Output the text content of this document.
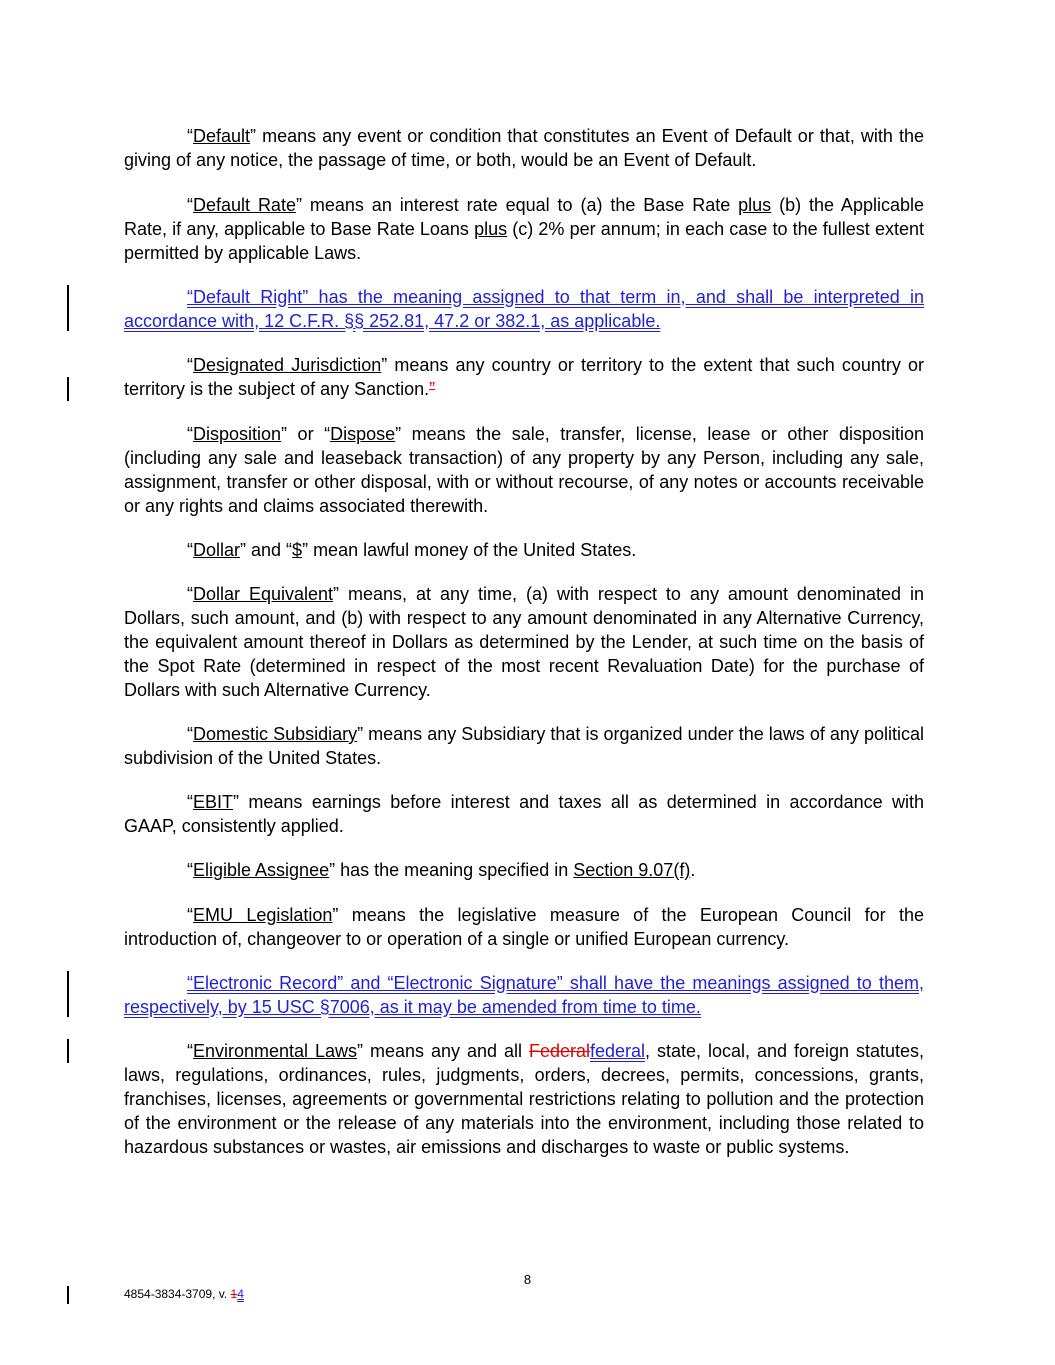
“Default” means any event or condition that constitutes an Event of Default or that, with the giving of any notice, the passage of time, or both, would be an Event of Default.

“Default Rate” means an interest rate equal to (a) the Base Rate plus (b) the Applicable Rate, if any, applicable to Base Rate Loans plus (c) 2% per annum; in each case to the fullest extent permitted by applicable Laws.

“Default Right” has the meaning assigned to that term in, and shall be interpreted in accordance with, 12 C.F.R. §§ 252.81, 47.2 or 382.1, as applicable.

“Designated Jurisdiction” means any country or territory to the extent that such country or territory is the subject of any Sanction.”

“Disposition” or “Dispose” means the sale, transfer, license, lease or other disposition (including any sale and leaseback transaction) of any property by any Person, including any sale, assignment, transfer or other disposal, with or without recourse, of any notes or accounts receivable or any rights and claims associated therewith.

“Dollar” and “$” mean lawful money of the United States.

“Dollar Equivalent” means, at any time, (a) with respect to any amount denominated in Dollars, such amount, and (b) with respect to any amount denominated in any Alternative Currency, the equivalent amount thereof in Dollars as determined by the Lender, at such time on the basis of the Spot Rate (determined in respect of the most recent Revaluation Date) for the purchase of Dollars with such Alternative Currency.

“Domestic Subsidiary” means any Subsidiary that is organized under the laws of any political subdivision of the United States.

“EBIT” means earnings before interest and taxes all as determined in accordance with GAAP, consistently applied.

“Eligible Assignee” has the meaning specified in Section 9.07(f).

“EMU Legislation” means the legislative measure of the European Council for the introduction of, changeover to or operation of a single or unified European currency.

“Electronic Record” and “Electronic Signature” shall have the meanings assigned to them, respectively, by 15 USC §7006, as it may be amended from time to time.

“Environmental Laws” means any and all Federalfederal, state, local, and foreign statutes, laws, regulations, ordinances, rules, judgments, orders, decrees, permits, concessions, grants, franchises, licenses, agreements or governmental restrictions relating to pollution and the protection of the environment or the release of any materials into the environment, including those related to hazardous substances or wastes, air emissions and discharges to waste or public systems.

8
4854-3834-3709, v. 14
